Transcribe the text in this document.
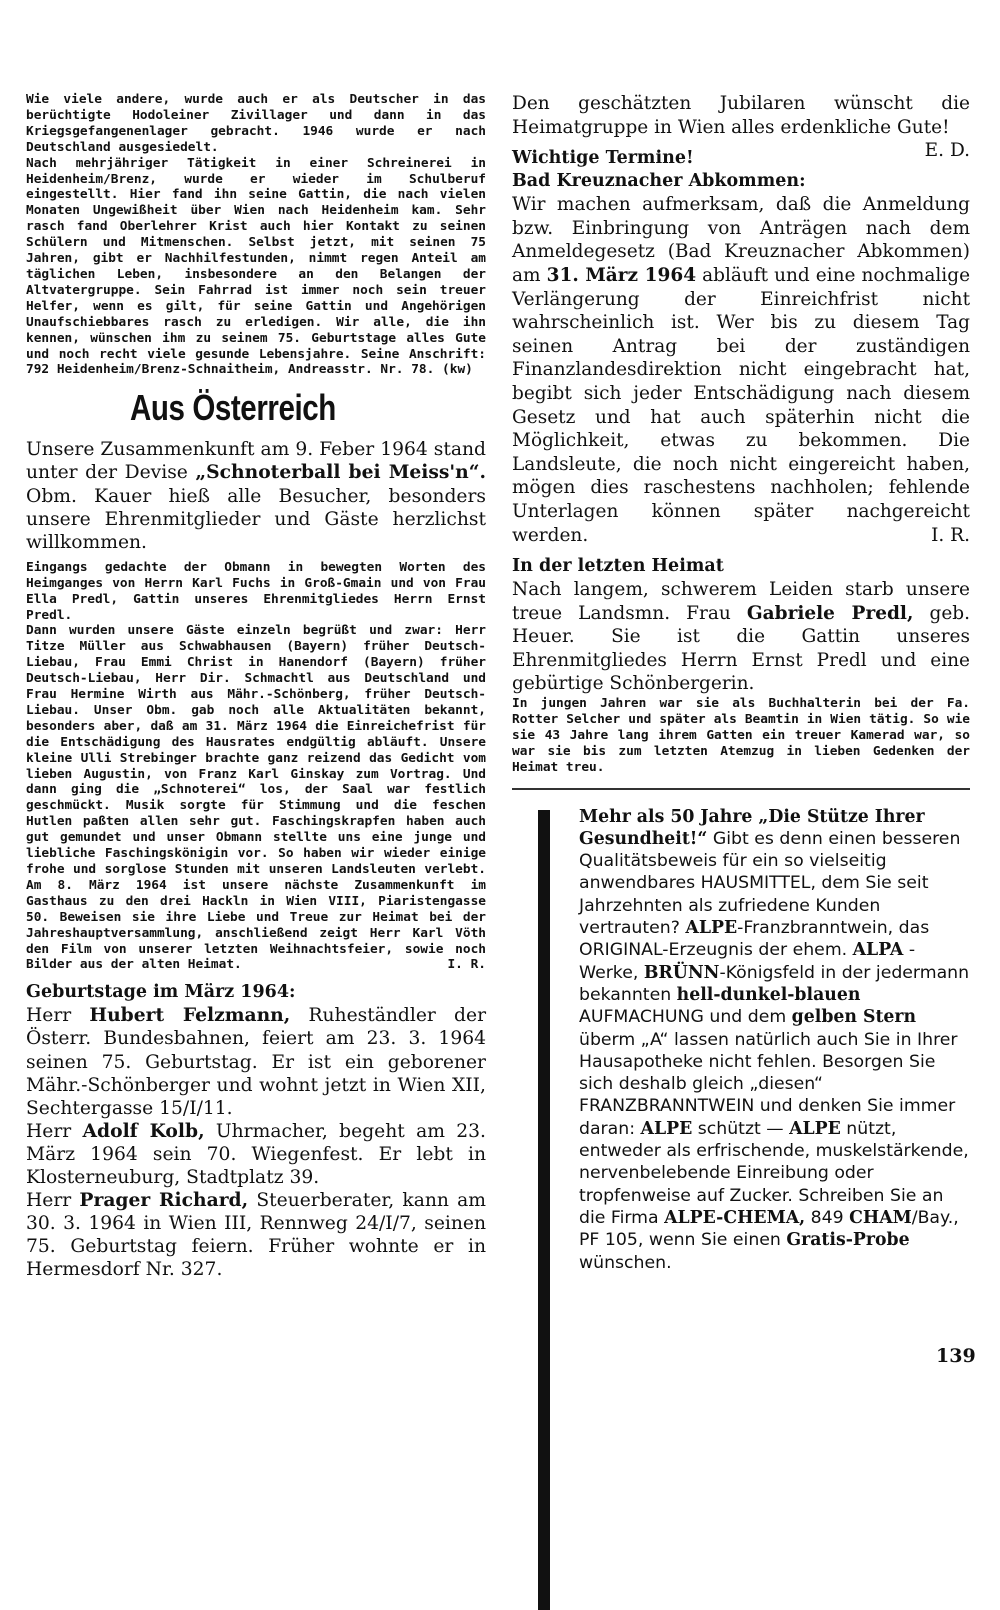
Wie viele andere, wurde auch er als Deutscher in das berüchtigte Hodoleiner Zivillager und dann in das Kriegsgefangenenlager gebracht. 1946 wurde er nach Deutschland ausgesiedelt.

Nach mehrjähriger Tätigkeit in einer Schreinerei in Heidenheim/Brenz, wurde er wieder im Schulberuf eingestellt. Hier fand ihn seine Gattin, die nach vielen Monaten Ungewißheit über Wien nach Heidenheim kam. Sehr rasch fand Oberlehrer Krist auch hier Kontakt zu seinen Schülern und Mitmenschen. Selbst jetzt, mit seinen 75 Jahren, gibt er Nachhilfestunden, nimmt regen Anteil am täglichen Leben, insbesondere an den Belangen der Altvatergruppe. Sein Fahrrad ist immer noch sein treuer Helfer, wenn es gilt, für seine Gattin und Angehörigen Unaufschiebbares rasch zu erledigen. Wir alle, die ihn kennen, wünschen ihm zu seinem 75. Geburtstage alles Gute und noch recht viele gesunde Lebensjahre. Seine Anschrift: 792 Heidenheim/Brenz-Schnaitheim, Andreasstr. Nr. 78. (kw)

Aus Österreich

Unsere Zusammenkunft am 9. Feber 1964 stand unter der Devise „Schnoterball bei Meiss'n“. Obm. Kauer hieß alle Besucher, besonders unsere Ehrenmitglieder und Gäste herzlichst willkommen.

Eingangs gedachte der Obmann in bewegten Worten des Heimganges von Herrn Karl Fuchs in Groß-Gmain und von Frau Ella Predl, Gattin unseres Ehrenmitgliedes Herrn Ernst Predl.

Dann wurden unsere Gäste einzeln begrüßt und zwar: Herr Titze Müller aus Schwabhausen (Bayern) früher Deutsch-Liebau, Frau Emmi Christ in Hanendorf (Bayern) früher Deutsch-Liebau, Herr Dir. Schmachtl aus Deutschland und Frau Hermine Wirth aus Mähr.-Schönberg, früher Deutsch-Liebau. Unser Obm. gab noch alle Aktualitäten bekannt, besonders aber, daß am 31. März 1964 die Einreichefrist für die Entschädigung des Hausrates endgültig abläuft. Unsere kleine Ulli Strebinger brachte ganz reizend das Gedicht vom lieben Augustin, von Franz Karl Ginskay zum Vortrag. Und dann ging die „Schnoterei“ los, der Saal war festlich geschmückt. Musik sorgte für Stimmung und die feschen Hutlen paßten allen sehr gut. Faschingskrapfen haben auch gut gemundet und unser Obmann stellte uns eine junge und liebliche Faschingskönigin vor. So haben wir wieder einige frohe und sorglose Stunden mit unseren Landsleuten verlebt. Am 8. März 1964 ist unsere nächste Zusammenkunft im Gasthaus zu den drei Hackln in Wien VIII, Piaristengasse 50. Beweisen sie ihre Liebe und Treue zur Heimat bei der Jahreshauptversammlung, anschließend zeigt Herr Karl Vöth den Film von unserer letzten Weihnachtsfeier, sowie noch Bilder aus der alten Heimat.	I. R.

Geburtstage im März 1964:

Herr Hubert Felzmann, Ruheständler der Österr. Bundesbahnen, feiert am 23. 3. 1964 seinen 75. Geburtstag. Er ist ein geborener Mähr.-Schönberger und wohnt jetzt in Wien XII, Sechtergasse 15/I/11.

Herr Adolf Kolb, Uhrmacher, begeht am 23. März 1964 sein 70. Wiegenfest. Er lebt in Klosterneuburg, Stadtplatz 39.

Herr Prager Richard, Steuerberater, kann am 30. 3. 1964 in Wien III, Rennweg 24/I/7, seinen 75. Geburtstag feiern. Früher wohnte er in Hermesdorf Nr. 327.

Den geschätzten Jubilaren wünscht die Heimatgruppe in Wien alles erdenkliche Gute!
E. D.

Wichtige Termine!
Bad Kreuznacher Abkommen:

Wir machen aufmerksam, daß die Anmeldung bzw. Einbringung von Anträgen nach dem Anmeldegesetz (Bad Kreuznacher Abkommen) am 31. März 1964 abläuft und eine nochmalige Verlängerung der Einreichfrist nicht wahrscheinlich ist. Wer bis zu diesem Tag seinen Antrag bei der zuständigen Finanzlandesdirektion nicht eingebracht hat, begibt sich jeder Entschädigung nach diesem Gesetz und hat auch späterhin nicht die Möglichkeit, etwas zu bekommen. Die Landsleute, die noch nicht eingereicht haben, mögen dies raschestens nachholen; fehlende Unterlagen können später nachgereicht werden.	I. R.

In der letzten Heimat

Nach langem, schwerem Leiden starb unsere treue Landsmn. Frau Gabriele Predl, geb. Heuer. Sie ist die Gattin unseres Ehrenmitgliedes Herrn Ernst Predl und eine gebürtige Schönbergerin.

In jungen Jahren war sie als Buchhalterin bei der Fa. Rotter Selcher und später als Beamtin in Wien tätig. So wie sie 43 Jahre lang ihrem Gatten ein treuer Kamerad war, so war sie bis zum letzten Atemzug in lieben Gedenken der Heimat treu.

Mehr als 50 Jahre „Die Stütze Ihrer Gesundheit!“ Gibt es denn einen besseren Qualitätsbeweis für ein so vielseitig anwendbares HAUSMITTEL, dem Sie seit Jahrzehnten als zufriedene Kunden vertrauten? ALPE-Franzbranntwein, das ORIGINAL-Erzeugnis der ehem. ALPA - Werke, BRÜNN-Königsfeld in der jedermann bekannten hell-dunkel-blauen AUFMACHUNG und dem gelben Stern überm „A“ lassen natürlich auch Sie in Ihrer Hausapotheke nicht fehlen. Besorgen Sie sich deshalb gleich „diesen“ FRANZBRANNTWEIN und denken Sie immer daran: ALPE schützt — ALPE nützt, entweder als erfrischende, muskelstärkende, nervenbelebende Einreibung oder tropfenweise auf Zucker. Schreiben Sie an die Firma ALPE-CHEMA, 849 CHAM/Bay., PF 105, wenn Sie einen Gratis-Probe wünschen.

139
